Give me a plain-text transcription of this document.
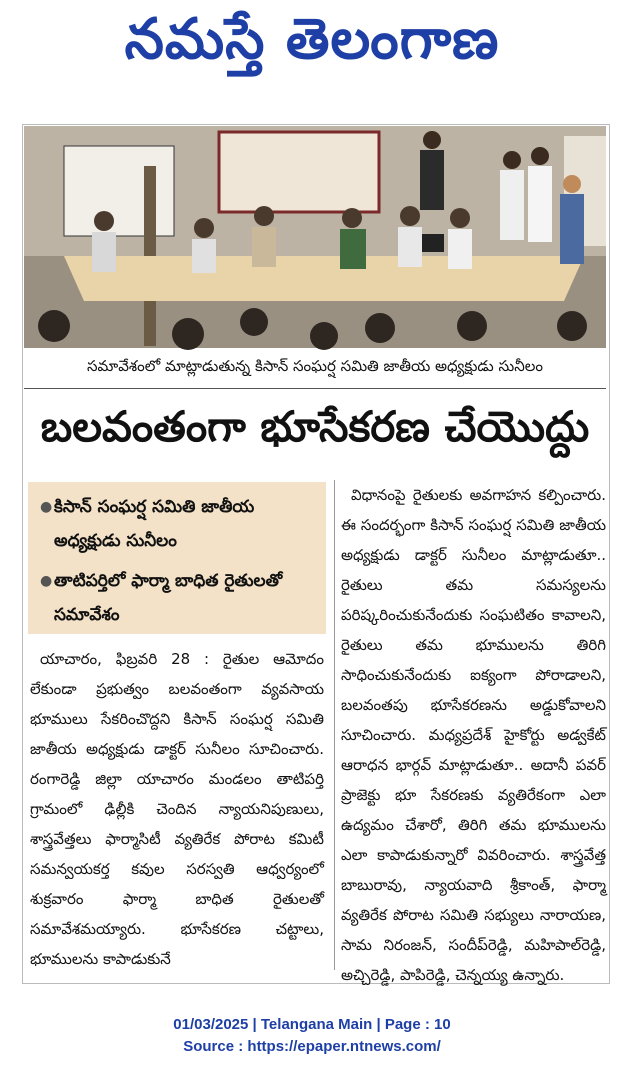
నమస్తే తెలంగాణ
సమావేశంలో మాట్లాడుతున్న కిసాన్ సంఘర్ష సమితి జాతీయ అధ్యక్షుడు సునీలం
బలవంతంగా భూసేకరణ చేయొద్దు
● కిసాన్ సంఘర్ష సమితి జాతీయ అధ్యక్షుడు సునీలం
● తాటిపర్తిలో ఫార్మా బాధిత రైతులతో సమావేశం

యాచారం, ఫిబ్రవరి 28 : రైతుల ఆమోదం లేకుండా ప్రభుత్వం బలవంతంగా వ్యవసాయ భూములు సేకరించొద్దని కిసాన్ సంఘర్ష సమితి జాతీయ అధ్యక్షుడు డాక్టర్ సునీలం సూచించారు. రంగారెడ్డి జిల్లా యాచారం మండలం తాటిపర్తి గ్రామంలో ఢిల్లీకి చెందిన న్యాయనిపుణులు, శాస్త్రవేత్తలు ఫార్మాసిటీ వ్యతిరేక పోరాట కమిటీ సమన్వయకర్త కవుల సరస్వతి ఆధ్వర్యంలో శుక్రవారం ఫార్మా బాధిత రైతులతో సమావేశమయ్యారు. భూసేకరణ చట్టాలు, భూములను కాపాడుకునే

విధానంపై రైతులకు అవగాహన కల్పించారు. ఈ సందర్భంగా కిసాన్ సంఘర్ష సమితి జాతీయ అధ్యక్షుడు డాక్టర్ సునీలం మాట్లాడుతూ.. రైతులు తమ సమస్యలను పరిష్కరించుకునేందుకు సంఘటితం కావాలని, రైతులు తమ భూములను తిరిగి సాధించుకునేందుకు ఐక్యంగా పోరాడాలని, బలవంతపు భూసేకరణను అడ్డుకోవాలని సూచించారు. మధ్యప్రదేశ్ హైకోర్టు అడ్వకేట్ ఆరాధన భార్గవ్ మాట్లాడుతూ.. అదానీ పవర్ ప్రాజెక్టు భూ సేకరణకు వ్యతిరేకంగా ఎలా ఉద్యమం చేశారో, తిరిగి తమ భూములను ఎలా కాపాడుకున్నారో వివరించారు. శాస్త్రవేత్త బాబురావు, న్యాయవాది శ్రీకాంత్, ఫార్మా వ్యతిరేక పోరాట సమితి సభ్యులు నారాయణ, సామ నిరంజన్, సందీప్‌రెడ్డి, మహిపాల్‌రెడ్డి, అచ్చిరెడ్డి, పాపిరెడ్డి, చెన్నయ్య ఉన్నారు.

01/03/2025 | Telangana Main | Page : 10
Source : https://epaper.ntnews.com/
